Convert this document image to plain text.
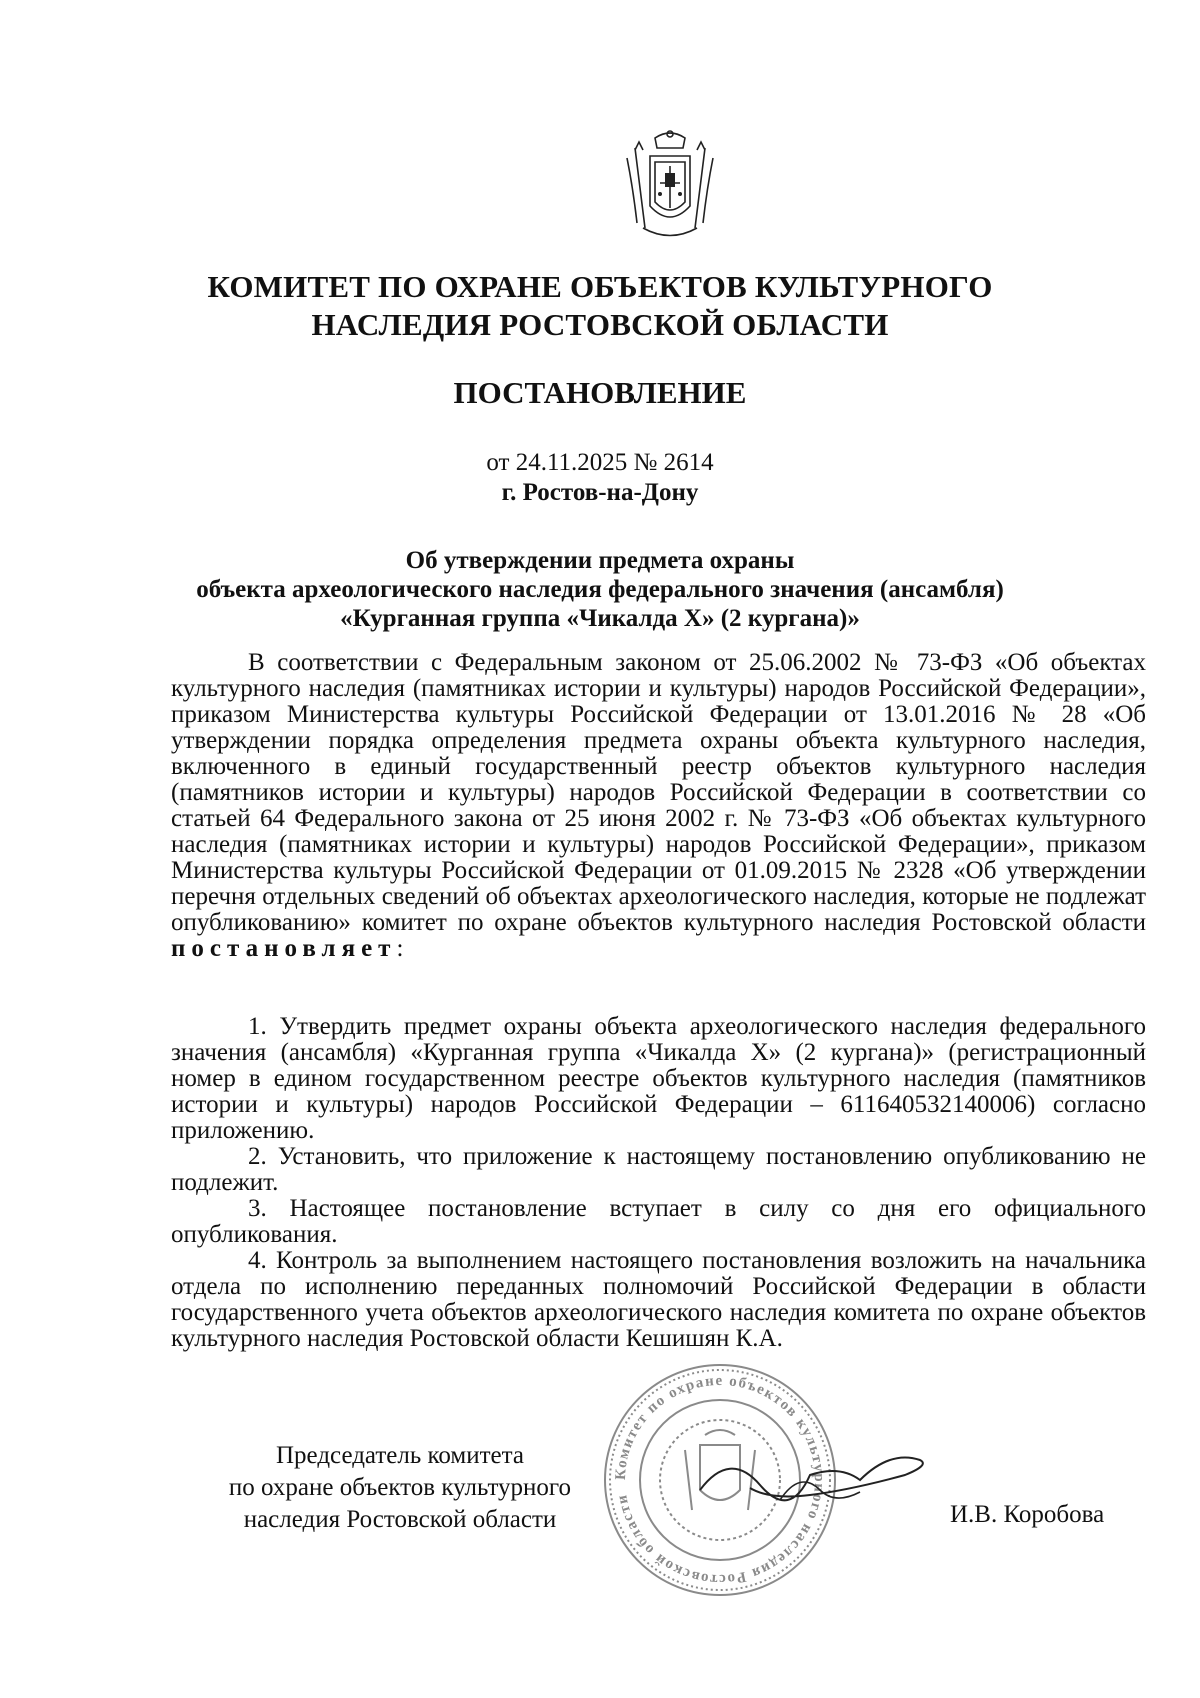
КОМИТЕТ ПО ОХРАНЕ ОБЪЕКТОВ КУЛЬТУРНОГО
НАСЛЕДИЯ РОСТОВСКОЙ ОБЛАСТИ
ПОСТАНОВЛЕНИЕ
от 24.11.2025 № 2614
г. Ростов-на-Дону
Об утверждении предмета охраны
объекта археологического наследия федерального значения (ансамбля)
«Курганная группа «Чикалда X» (2 кургана)»

В соответствии с Федеральным законом от 25.06.2002 № 73-ФЗ «Об объектах культурного наследия (памятниках истории и культуры) народов Российской Федерации», приказом Министерства культуры Российской Федерации от 13.01.2016 № 28 «Об утверждении порядка определения предмета охраны объекта культурного наследия, включенного в единый государственный реестр объектов культурного наследия (памятников истории и культуры) народов Российской Федерации в соответствии со статьей 64 Федерального закона от 25 июня 2002 г. № 73-ФЗ «Об объектах культурного наследия (памятниках истории и культуры) народов Российской Федерации», приказом Министерства культуры Российской Федерации от 01.09.2015 № 2328 «Об утверждении перечня отдельных сведений об объектах археологического наследия, которые не подлежат опубликованию» комитет по охране объектов культурного наследия Ростовской области постановляет:

1. Утвердить предмет охраны объекта археологического наследия федерального значения (ансамбля) «Курганная группа «Чикалда X» (2 кургана)» (регистрационный номер в едином государственном реестре объектов культурного наследия (памятников истории и культуры) народов Российской Федерации – 611640532140006) согласно приложению.

2. Установить, что приложение к настоящему постановлению опубликованию не подлежит.

3. Настоящее постановление вступает в силу со дня его официального опубликования.

4. Контроль за выполнением настоящего постановления возложить на начальника отдела по исполнению переданных полномочий Российской Федерации в области государственного учета объектов археологического наследия комитета по охране объектов культурного наследия Ростовской области Кешишян К.А.

Председатель комитета
по охране объектов культурного
наследия Ростовской области
Комитет по охране объектов культурного наследия Ростовской области
И.В. Коробова
